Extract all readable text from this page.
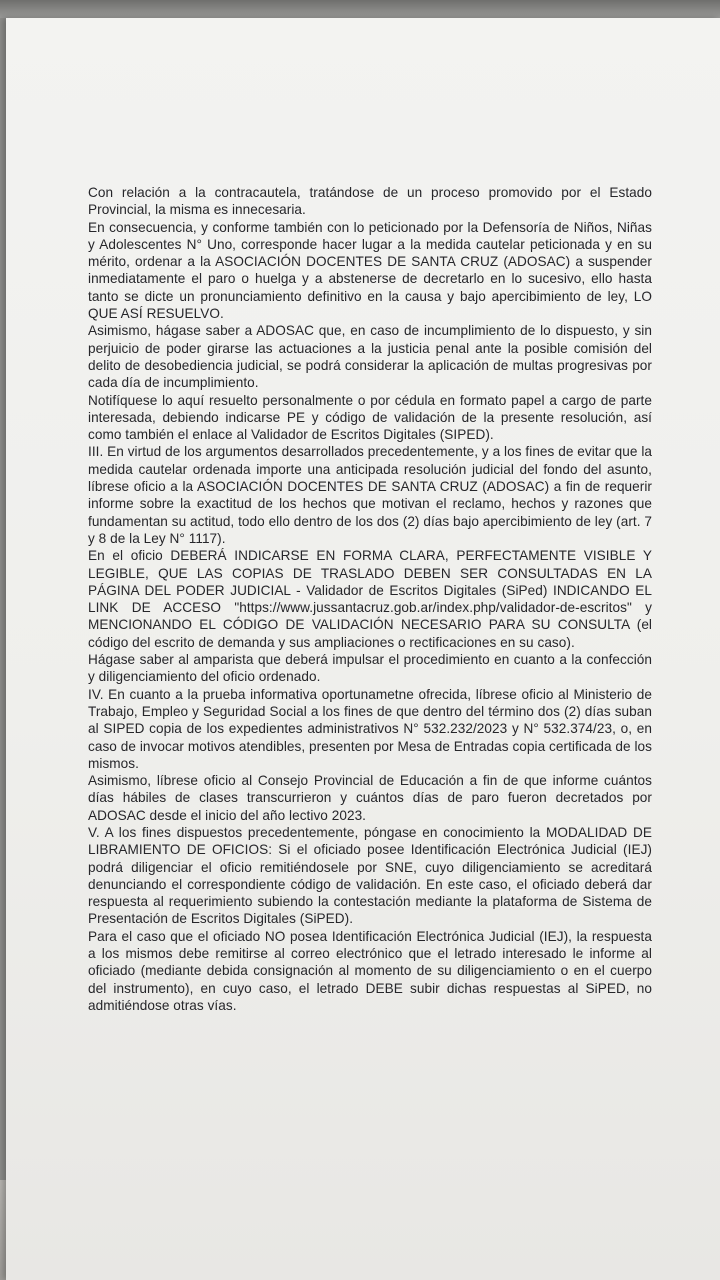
Con relación a la contracautela, tratándose de un proceso promovido por el Estado Provincial, la misma es innecesaria.

En consecuencia, y conforme también con lo peticionado por la Defensoría de Niños, Niñas y Adolescentes N° Uno, corresponde hacer lugar a la medida cautelar peticionada y en su mérito, ordenar a la ASOCIACIÓN DOCENTES DE SANTA CRUZ (ADOSAC) a suspender inmediatamente el paro o huelga y a abstenerse de decretarlo en lo sucesivo, ello hasta tanto se dicte un pronunciamiento definitivo en la causa y bajo apercibimiento de ley, LO QUE ASÍ RESUELVO.

Asimismo, hágase saber a ADOSAC que, en caso de incumplimiento de lo dispuesto, y sin perjuicio de poder girarse las actuaciones a la justicia penal ante la posible comisión del delito de desobediencia judicial, se podrá considerar la aplicación de multas progresivas por cada día de incumplimiento.

Notifíquese lo aquí resuelto personalmente o por cédula en formato papel a cargo de parte interesada, debiendo indicarse PE y código de validación de la presente resolución, así como también el enlace al Validador de Escritos Digitales (SIPED).

III. En virtud de los argumentos desarrollados precedentemente, y a los fines de evitar que la medida cautelar ordenada importe una anticipada resolución judicial del fondo del asunto, líbrese oficio a la ASOCIACIÓN DOCENTES DE SANTA CRUZ (ADOSAC) a fin de requerir informe sobre la exactitud de los hechos que motivan el reclamo, hechos y razones que fundamentan su actitud, todo ello dentro de los dos (2) días bajo apercibimiento de ley (art. 7 y 8 de la Ley N° 1117).

En el oficio DEBERÁ INDICARSE EN FORMA CLARA, PERFECTAMENTE VISIBLE Y LEGIBLE, QUE LAS COPIAS DE TRASLADO DEBEN SER CONSULTADAS EN LA PÁGINA DEL PODER JUDICIAL - Validador de Escritos Digitales (SiPed) INDICANDO EL LINK DE ACCESO "https://www.jussantacruz.gob.ar/index.php/validador-de-escritos" y MENCIONANDO EL CÓDIGO DE VALIDACIÓN NECESARIO PARA SU CONSULTA (el código del escrito de demanda y sus ampliaciones o rectificaciones en su caso).

Hágase saber al amparista que deberá impulsar el procedimiento en cuanto a la confección y diligenciamiento del oficio ordenado.

IV. En cuanto a la prueba informativa oportunametne ofrecida, líbrese oficio al Ministerio de Trabajo, Empleo y Seguridad Social a los fines de que dentro del término dos (2) días suban al SIPED copia de los expedientes administrativos N° 532.232/2023 y N° 532.374/23, o, en caso de invocar motivos atendibles, presenten por Mesa de Entradas copia certificada de los mismos.

Asimismo, líbrese oficio al Consejo Provincial de Educación a fin de que informe cuántos días hábiles de clases transcurrieron y cuántos días de paro fueron decretados por ADOSAC desde el inicio del año lectivo 2023.

V. A los fines dispuestos precedentemente, póngase en conocimiento la MODALIDAD DE LIBRAMIENTO DE OFICIOS: Si el oficiado posee Identificación Electrónica Judicial (IEJ) podrá diligenciar el oficio remitiéndosele por SNE, cuyo diligenciamiento se acreditará denunciando el correspondiente código de validación. En este caso, el oficiado deberá dar respuesta al requerimiento subiendo la contestación mediante la plataforma de Sistema de Presentación de Escritos Digitales (SiPED).

Para el caso que el oficiado NO posea Identificación Electrónica Judicial (IEJ), la respuesta a los mismos debe remitirse al correo electrónico que el letrado interesado le informe al oficiado (mediante debida consignación al momento de su diligenciamiento o en el cuerpo del instrumento), en cuyo caso, el letrado DEBE subir dichas respuestas al SiPED, no admitiéndose otras vías.
